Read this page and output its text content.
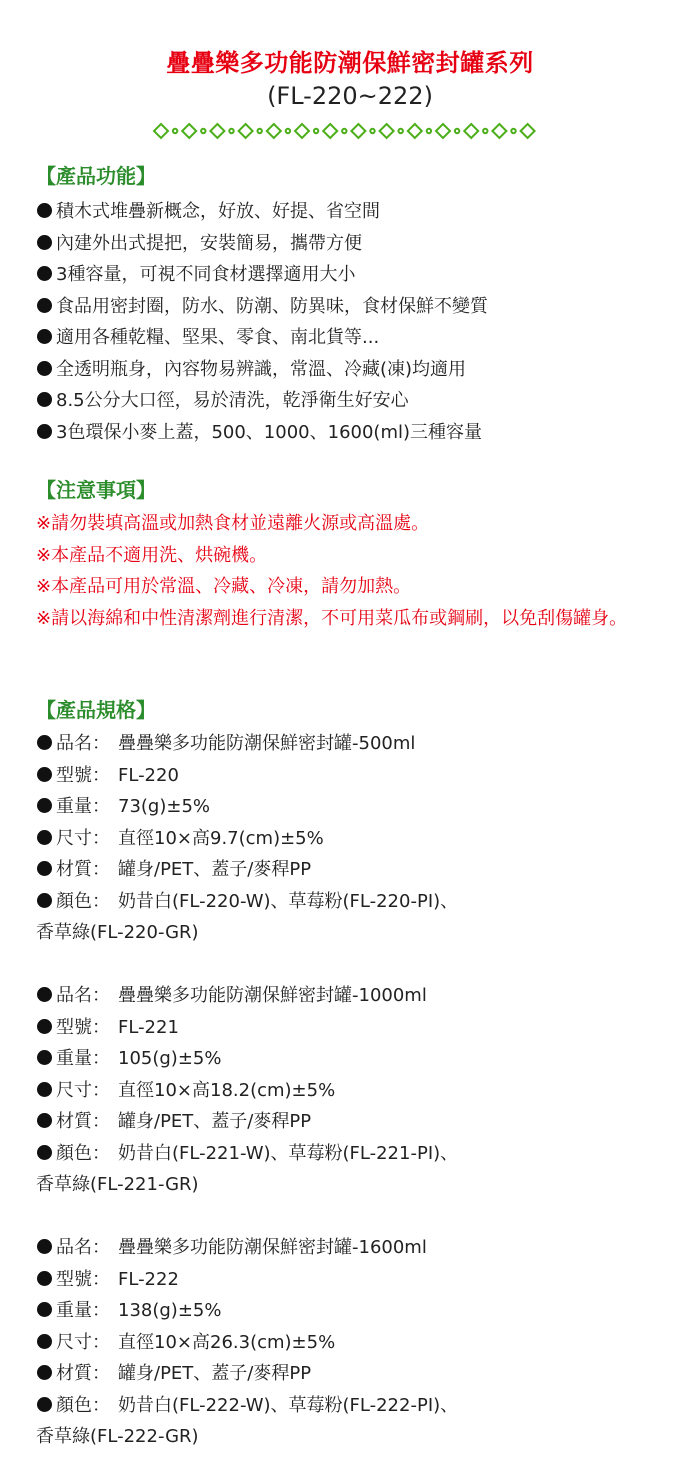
疊疊樂多功能防潮保鮮密封罐系列
(FL-220~222)
【產品功能】
積木式堆疊新概念，好放、好提、省空間
內建外出式提把，安裝簡易，攜帶方便
3種容量，可視不同食材選擇適用大小
食品用密封圈，防水、防潮、防異味，食材保鮮不變質
適用各種乾糧、堅果、零食、南北貨等...
全透明瓶身，內容物易辨識，常溫、冷藏(凍)均適用
8.5公分大口徑，易於清洗，乾淨衛生好安心
3色環保小麥上蓋，500、1000、1600(ml)三種容量
【注意事項】
※請勿裝填高溫或加熱食材並遠離火源或高溫處。
※本產品不適用洗、烘碗機。
※本產品可用於常溫、冷藏、冷凍，請勿加熱。
※請以海綿和中性清潔劑進行清潔，不可用菜瓜布或鋼刷，以免刮傷罐身。
【產品規格】
品名： 疊疊樂多功能防潮保鮮密封罐-500ml
型號： FL-220
重量： 73(g)±5%
尺寸： 直徑10×高9.7(cm)±5%
材質： 罐身/PET、蓋子/麥稈PP
顏色： 奶昔白(FL-220-W)、草莓粉(FL-220-PI)、
香草綠(FL-220-GR)
品名： 疊疊樂多功能防潮保鮮密封罐-1000ml
型號： FL-221
重量： 105(g)±5%
尺寸： 直徑10×高18.2(cm)±5%
材質： 罐身/PET、蓋子/麥稈PP
顏色： 奶昔白(FL-221-W)、草莓粉(FL-221-PI)、
香草綠(FL-221-GR)
品名： 疊疊樂多功能防潮保鮮密封罐-1600ml
型號： FL-222
重量： 138(g)±5%
尺寸： 直徑10×高26.3(cm)±5%
材質： 罐身/PET、蓋子/麥稈PP
顏色： 奶昔白(FL-222-W)、草莓粉(FL-222-PI)、
香草綠(FL-222-GR)
